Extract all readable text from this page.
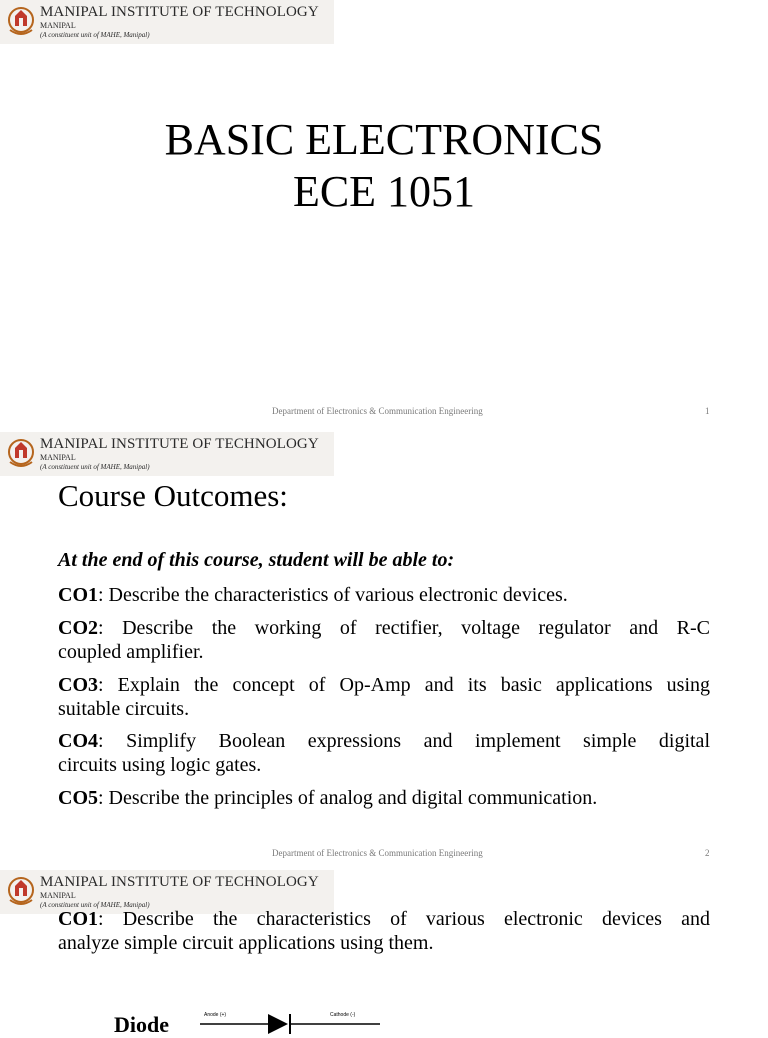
MANIPAL INSTITUTE OF TECHNOLOGY
MANIPAL
(A constituent unit of MAHE, Manipal)
BASIC ELECTRONICS
ECE 1051
Department of Electronics & Communication Engineering	1
MANIPAL INSTITUTE OF TECHNOLOGY
MANIPAL
(A constituent unit of MAHE, Manipal)
Course Outcomes:
At the end of this course, student will be able to:
CO1: Describe the characteristics of various electronic devices.
CO2: Describe the working of rectifier, voltage regulator and R-C
coupled amplifier.
CO3: Explain the concept of Op-Amp and its basic applications using
suitable circuits.
CO4: Simplify Boolean expressions and implement simple digital
circuits using logic gates.
CO5: Describe the principles of analog and digital communication.
Department of Electronics & Communication Engineering	2
MANIPAL INSTITUTE OF TECHNOLOGY
MANIPAL
(A constituent unit of MAHE, Manipal)
CO1: Describe the characteristics of various electronic devices and
analyze simple circuit applications using them.
Diode	Anode (+)	Cathode (-)
